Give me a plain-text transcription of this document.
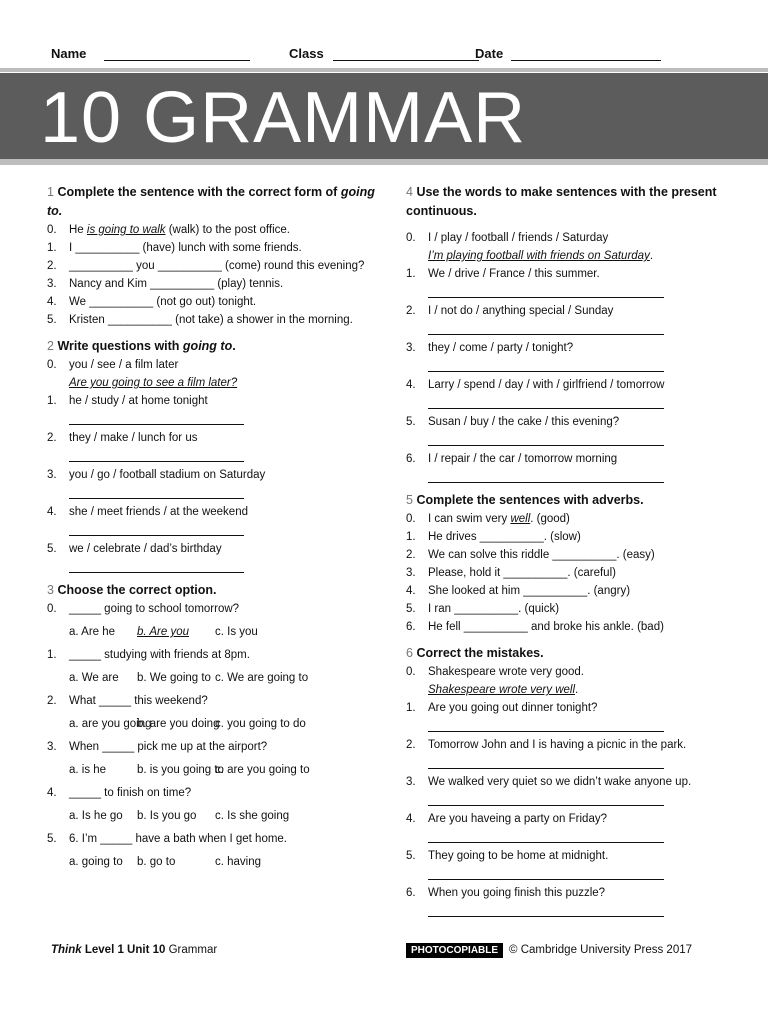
Name	Class	Date
10 GRAMMAR

1 Complete the sentence with the correct form of going to.

0.	He is going to walk (walk) to the post office.
1.	I __________ (have) lunch with some friends.
2.	__________ you __________ (come) round this evening?
3.	Nancy and Kim __________ (play) tennis.
4.	We __________ (not go out) tonight.
5.	Kristen __________ (not take) a shower in the morning.

2 Write questions with going to.

0.	you / see / a film later
Are you going to see a film later?
1.	he / study / at home tonight
2.	they / make / lunch for us
3.	you / go / football stadium on Saturday
4.	she / meet friends / at the weekend
5.	we / celebrate / dad’s birthday

3 Choose the correct option.

0.	_____ going to school tomorrow?
a. Are he	b. Are you	c. Is you
1.	_____ studying with friends at 8pm.
a. We are	b. We going to c. We are going to
2.	What _____ this weekend?
a. are you going
b. are you doing
c. you going to do
3.	When _____ pick me up at the airport?
a. is he	b. is you going to
c. are you going to
4.	_____ to finish on time?
a. Is he go	b. Is you go	c. Is she going
5.	6. I’m _____ have a bath when I get home.
a. going to	b. go to	c. having

4 Use the words to make sentences with the present continuous.

0.	I / play / football / friends / Saturday
I’m playing football with friends on Saturday.
1.	We / drive / France / this summer.
2.	I / not do / anything special / Sunday
3.	they / come / party / tonight?
4.	Larry / spend / day / with / girlfriend / tomorrow
5.	Susan / buy / the cake / this evening?
6.	I / repair / the car / tomorrow morning

5 Complete the sentences with adverbs.

0.	I can swim very well. (good)
1.	He drives __________. (slow)
2.	We can solve this riddle __________. (easy)
3.	Please, hold it __________. (careful)
4.	She looked at him __________. (angry)
5.	I ran __________. (quick)
6.	He fell __________ and broke his ankle. (bad)

6 Correct the mistakes.

0.	Shakespeare wrote very good.
Shakespeare wrote very well.
1.	Are you going out dinner tonight?
2.	Tomorrow John and I is having a picnic in the park.
3.	We walked very quiet so we didn’t wake anyone up.
4.	Are you haveing a party on Friday?
5.	They going to be home at midnight.
6.	When you going finish this puzzle?
Think Level 1 Unit 10 Grammar	PHOTOCOPIABLE © Cambridge University Press 2017
